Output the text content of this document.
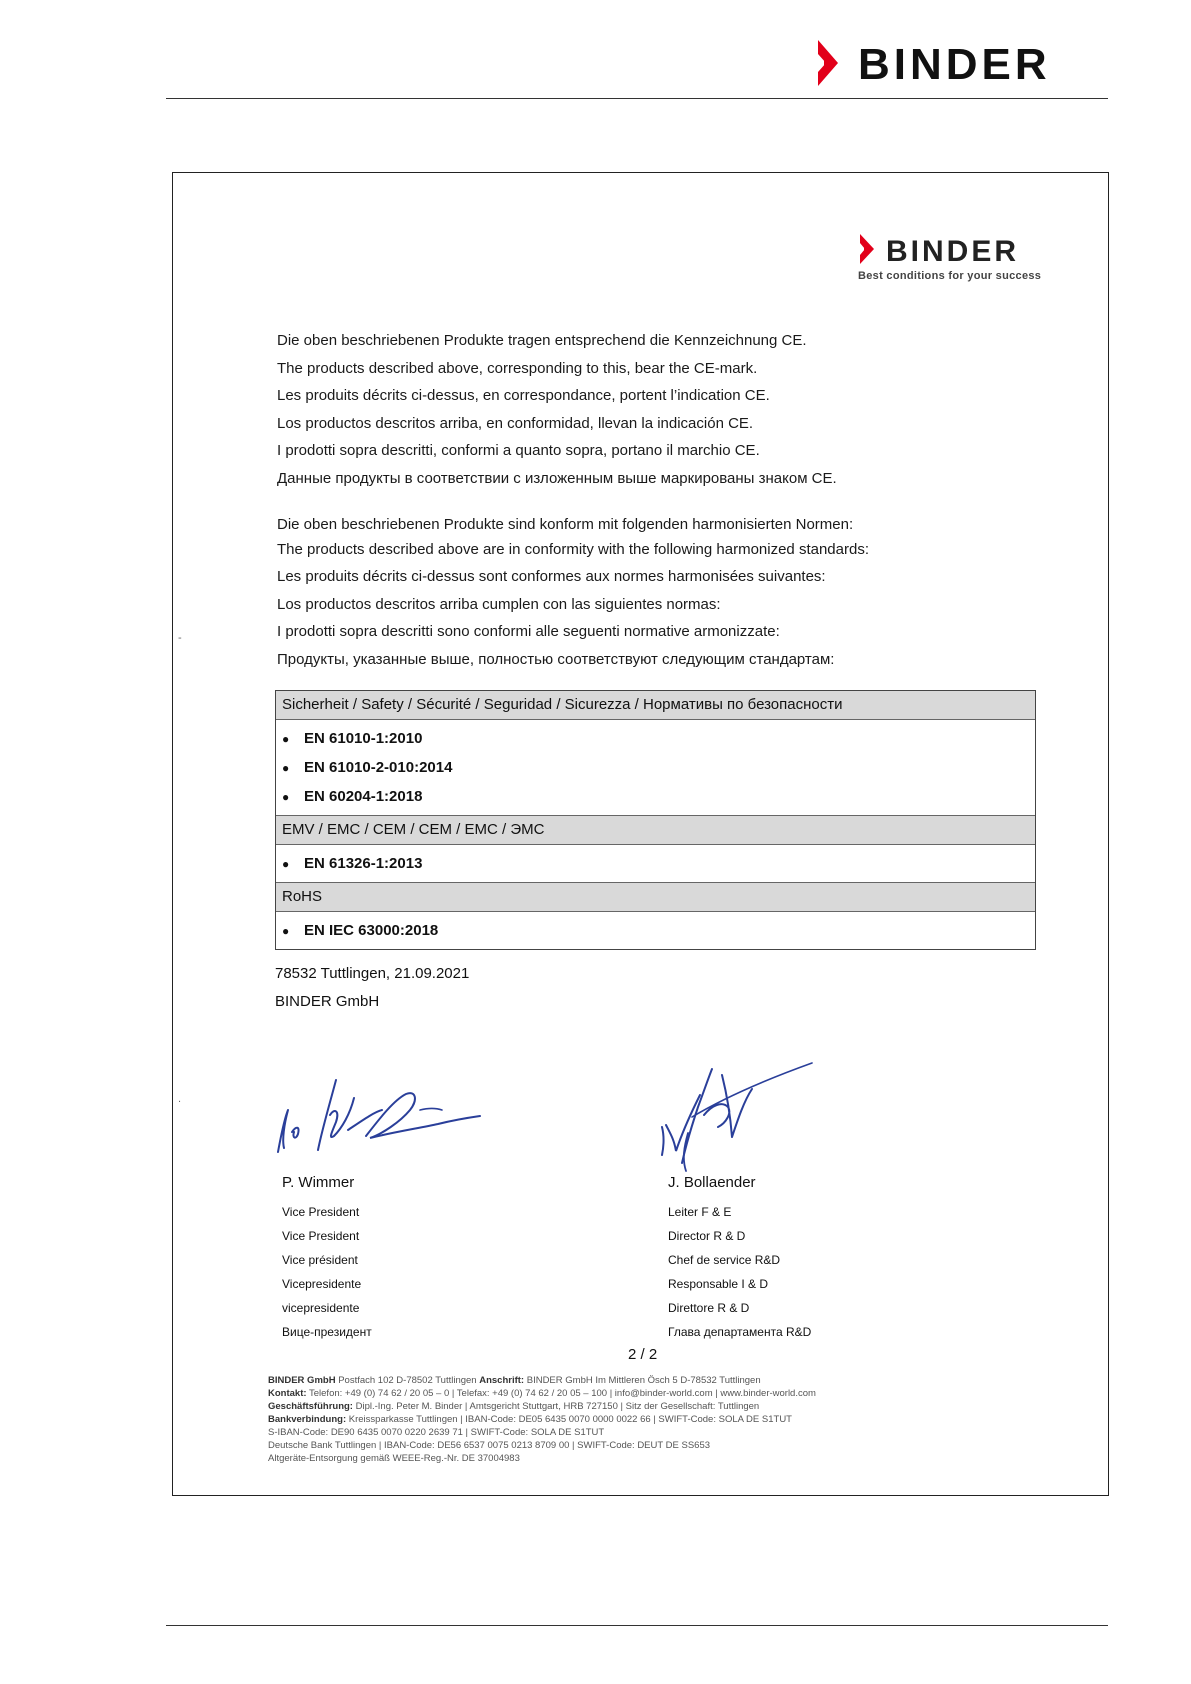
BINDER
BINDER
Best conditions for your success
Die oben beschriebenen Produkte tragen entsprechend die Kennzeichnung CE.
The products described above, corresponding to this, bear the CE-mark.
Les produits décrits ci-dessus, en correspondance, portent l’indication CE.
Los productos descritos arriba, en conformidad, llevan la indicación CE.
I prodotti sopra descritti, conformi a quanto sopra, portano il marchio CE.
Данные продукты в соответствии с изложенным выше маркированы знаком CE.
Die oben beschriebenen Produkte sind konform mit folgenden harmonisierten Normen:
The products described above are in conformity with the following harmonized standards:
Les produits décrits ci-dessus sont conformes aux normes harmonisées suivantes:
Los productos descritos arriba cumplen con las siguientes normas:
I prodotti sopra descritti sono conformi alle seguenti normative armonizzate:
Продукты, указанные выше, полностью соответствуют следующим стандартам:
-
.
Sicherheit / Safety / Sécurité / Seguridad / Sicurezza / Нормативы по безопасности
● EN 61010-1:2010
● EN 61010-2-010:2014
● EN 60204-1:2018
EMV / EMC / CEM / CEM / EMC / ЭМС
● EN 61326-1:2013
RoHS
● EN IEC 63000:2018
78532 Tuttlingen, 21.09.2021
BINDER GmbH
P. Wimmer	J. Bollaender
Vice President
Vice President
Vice président
Vicepresidente
vicepresidente
Вице-президент
Leiter F & E
Director R & D
Chef de service R&D
Responsable I & D
Direttore R & D
Глава департамента R&D
2 / 2
BINDER GmbH Postfach 102 D-78502 Tuttlingen Anschrift: BINDER GmbH Im Mittleren Ösch 5 D-78532 Tuttlingen
Kontakt: Telefon: +49 (0) 74 62 / 20 05 – 0 | Telefax: +49 (0) 74 62 / 20 05 – 100 | info@binder-world.com | www.binder-world.com
Geschäftsführung: Dipl.-Ing. Peter M. Binder | Amtsgericht Stuttgart, HRB 727150 | Sitz der Gesellschaft: Tuttlingen
Bankverbindung: Kreissparkasse Tuttlingen | IBAN-Code: DE05 6435 0070 0000 0022 66 | SWIFT-Code: SOLA DE S1TUT
S-IBAN-Code: DE90 6435 0070 0220 2639 71 | SWIFT-Code: SOLA DE S1TUT
Deutsche Bank Tuttlingen | IBAN-Code: DE56 6537 0075 0213 8709 00 | SWIFT-Code: DEUT DE SS653
Altgeräte-Entsorgung gemäß WEEE-Reg.-Nr. DE 37004983
